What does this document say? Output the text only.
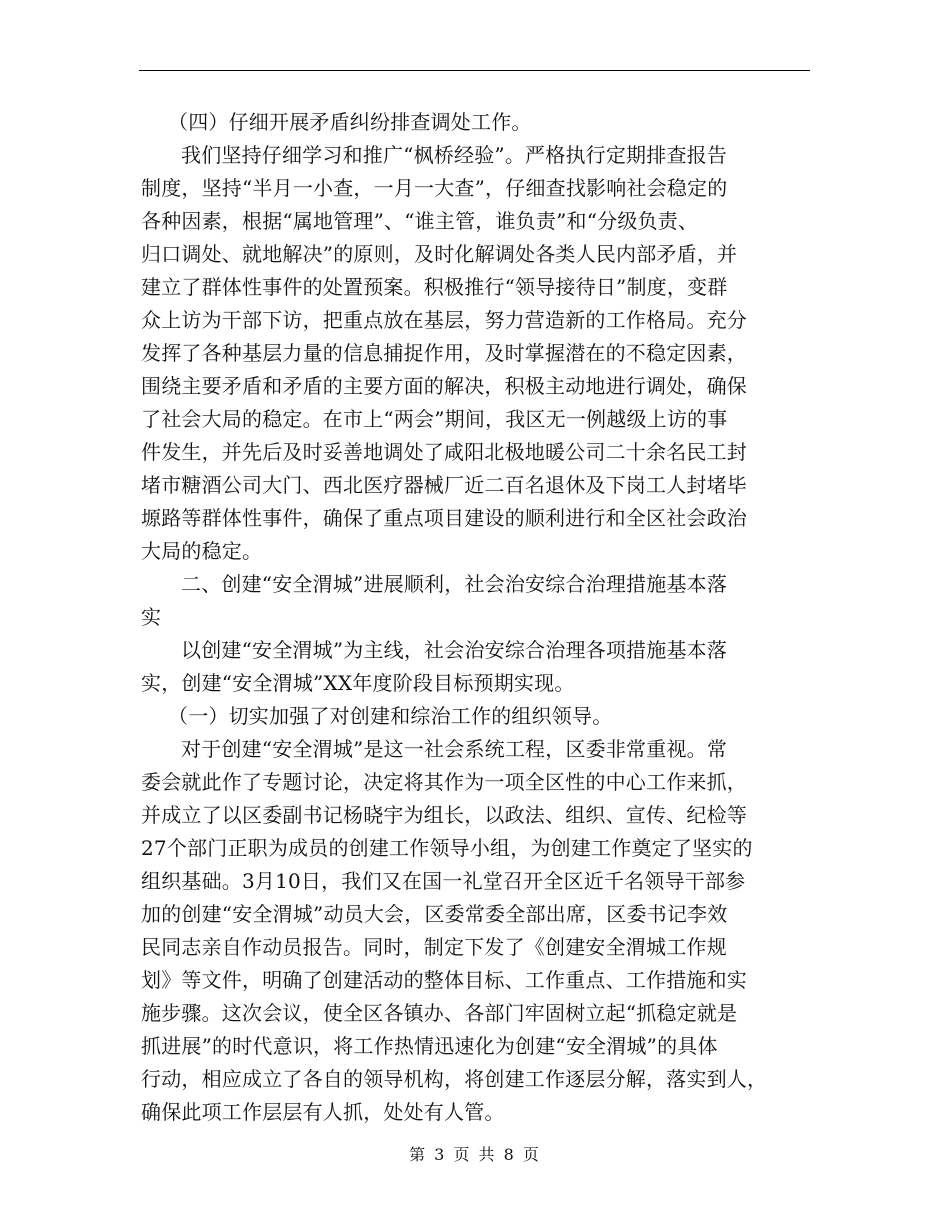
（四）仔细开展矛盾纠纷排查调处工作。
我们坚持仔细学习和推广“枫桥经验”。严格执行定期排查报告
制度，坚持“半月一小查，一月一大查”，仔细查找影响社会稳定的
各种因素，根据“属地管理”、“谁主管，谁负责”和“分级负责、
归口调处、就地解决”的原则，及时化解调处各类人民内部矛盾，并
建立了群体性事件的处置预案。积极推行“领导接待日”制度，变群
众上访为干部下访，把重点放在基层，努力营造新的工作格局。充分
发挥了各种基层力量的信息捕捉作用，及时掌握潜在的不稳定因素，
围绕主要矛盾和矛盾的主要方面的解决，积极主动地进行调处，确保
了社会大局的稳定。在市上“两会”期间，我区无一例越级上访的事
件发生，并先后及时妥善地调处了咸阳北极地暖公司二十余名民工封
堵市糖酒公司大门、西北医疗器械厂近二百名退休及下岗工人封堵毕
塬路等群体性事件，确保了重点项目建设的顺利进行和全区社会政治
大局的稳定。
二、创建“安全渭城”进展顺利，社会治安综合治理措施基本落
实
以创建“安全渭城”为主线，社会治安综合治理各项措施基本落
实，创建“安全渭城”XX年度阶段目标预期实现。
（一）切实加强了对创建和综治工作的组织领导。
对于创建“安全渭城”是这一社会系统工程，区委非常重视。常
委会就此作了专题讨论，决定将其作为一项全区性的中心工作来抓，
并成立了以区委副书记杨晓宇为组长，以政法、组织、宣传、纪检等
27个部门正职为成员的创建工作领导小组，为创建工作奠定了坚实的
组织基础。3月10日，我们又在国一礼堂召开全区近千名领导干部参
加的创建“安全渭城”动员大会，区委常委全部出席，区委书记李效
民同志亲自作动员报告。同时，制定下发了《创建安全渭城工作规
划》等文件，明确了创建活动的整体目标、工作重点、工作措施和实
施步骤。这次会议，使全区各镇办、各部门牢固树立起“抓稳定就是
抓进展”的时代意识，将工作热情迅速化为创建“安全渭城”的具体
行动，相应成立了各自的领导机构，将创建工作逐层分解，落实到人，
确保此项工作层层有人抓，处处有人管。
第 3 页 共 8 页
